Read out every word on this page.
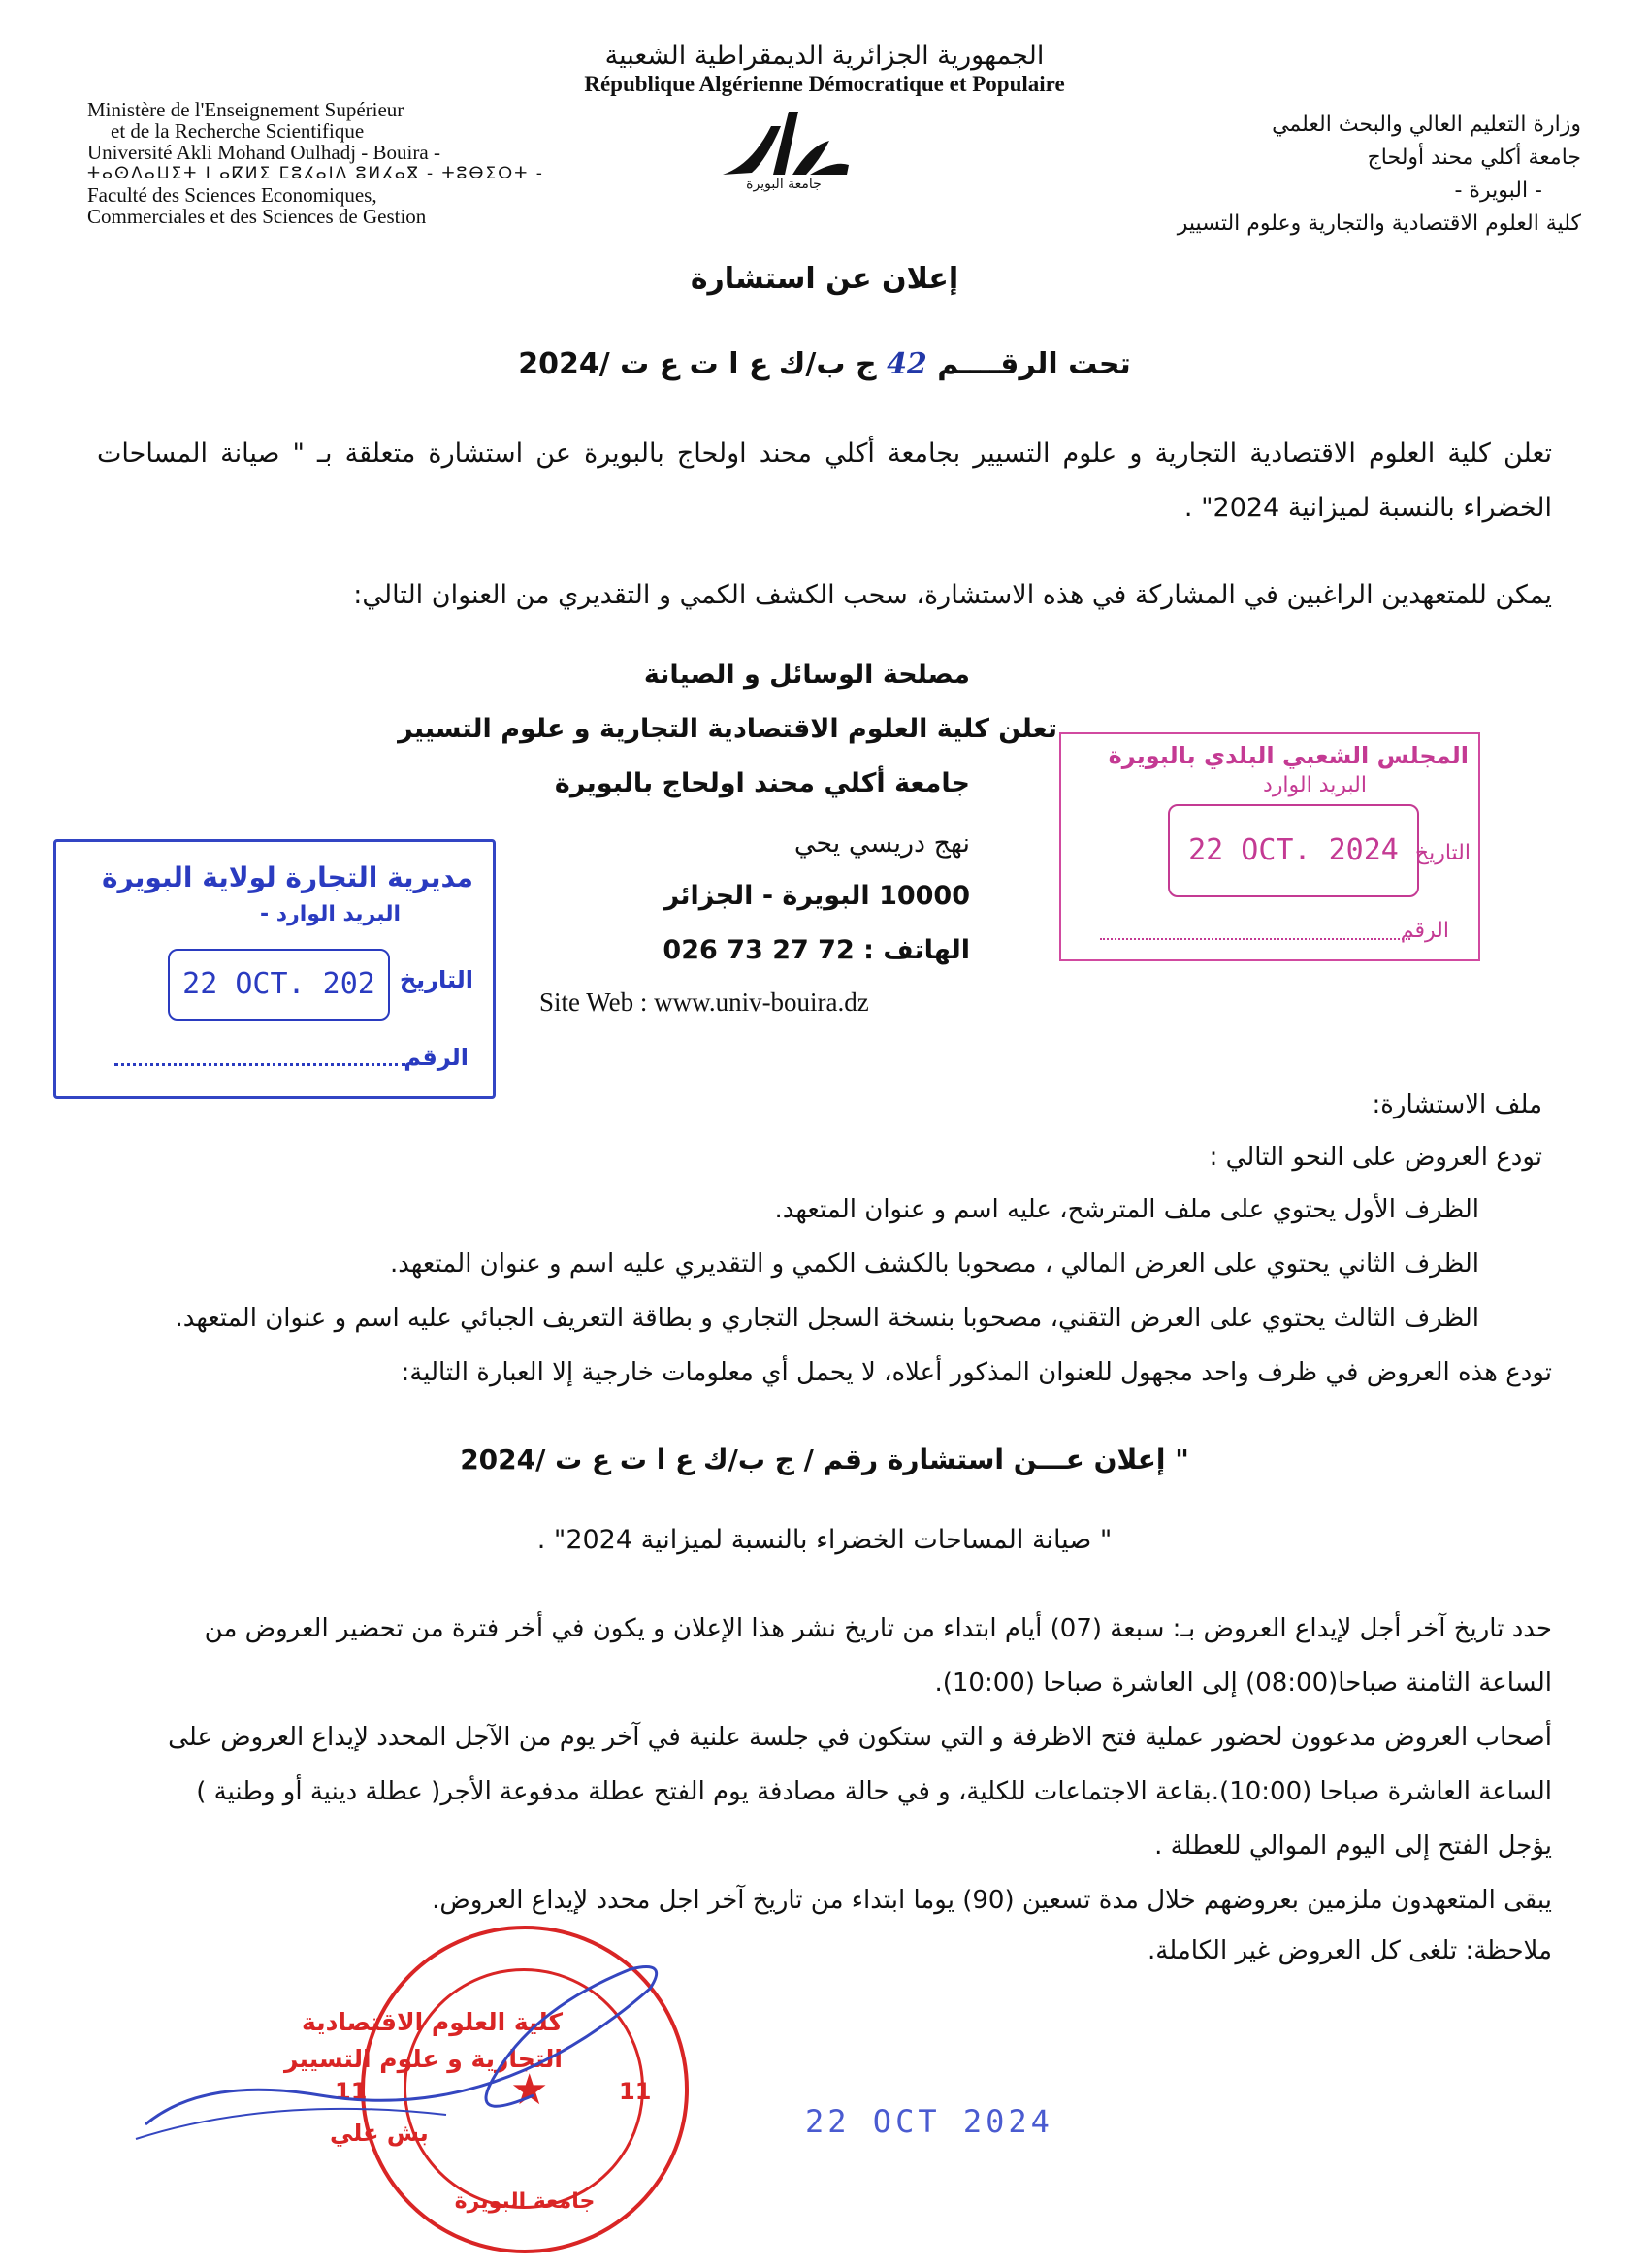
الجمهورية الجزائرية الديمقراطية الشعبية
République Algérienne Démocratique et Populaire
Ministère de l'Enseignement Supérieur
et de la Recherche Scientifique
Université Akli Mohand Oulhadj - Bouira -
ⵜⴰⵙⴷⴰⵡⵉⵜ ⵏ ⴰⴽⵍⵉ ⵎⵓⵃⴰⵏⴷ ⵓⵍⵃⴰⴵ - ⵜⵓⴱⵉⵔⵜ -
Faculté des Sciences Economiques,
Commerciales et des Sciences de Gestion
جامعة البويرة
وزارة التعليم العالي والبحث العلمي
جامعة أكلي محند أولحاج
- البويرة -
كلية العلوم الاقتصادية والتجارية وعلوم التسيير
إعلان عن استشارة
تحت الرقــــم 42 ج ب/ك ع ا ت ع ت /2024
تعلن كلية العلوم الاقتصادية التجارية و علوم التسيير بجامعة أكلي محند اولحاج بالبويرة عن استشارة متعلقة بـ " صيانة المساحات الخضراء بالنسبة لميزانية 2024" .
يمكن للمتعهدين الراغبين في المشاركة في هذه الاستشارة، سحب الكشف الكمي و التقديري من العنوان التالي:
مصلحة الوسائل و الصيانة
تعلن كلية العلوم الاقتصادية التجارية و علوم التسيير
جامعة أكلي محند اولحاج بالبويرة
نهج دريسي يحي
10000 البويرة - الجزائر
الهاتف : 72 27 73 026
Site Web : www.univ-bouira.dz
مديرية التجارة لولاية البويرة
البريد الوارد -
التاريخ
22 OCT. 202
الرقم
المجلس الشعبي البلدي بالبويرة
البريد الوارد
22 OCT. 2024 التاريخ
الرقم
ملف الاستشارة:
تودع العروض على النحو التالي :
الظرف الأول يحتوي على ملف المترشح، عليه اسم و عنوان المتعهد.
الظرف الثاني يحتوي على العرض المالي ، مصحوبا بالكشف الكمي و التقديري عليه اسم و عنوان المتعهد.
الظرف الثالث يحتوي على العرض التقني، مصحوبا بنسخة السجل التجاري و بطاقة التعريف الجبائي عليه اسم و عنوان المتعهد.
تودع هذه العروض في ظرف واحد مجهول للعنوان المذكور أعلاه، لا يحمل أي معلومات خارجية إلا العبارة التالية:
" إعلان عـــن استشارة رقم / ج ب/ك ع ا ت ع ت /2024
" صيانة المساحات الخضراء بالنسبة لميزانية 2024" .
حدد تاريخ آخر أجل لإيداع العروض بـ: سبعة (07) أيام ابتداء من تاريخ نشر هذا الإعلان و يكون في أخر فترة من تحضير العروض من
الساعة الثامنة صباحا(08:00) إلى العاشرة صباحا (10:00).
أصحاب العروض مدعوون لحضور عملية فتح الاظرفة و التي ستكون في جلسة علنية في آخر يوم من الآجل المحدد لإيداع العروض على
الساعة العاشرة صباحا (10:00).بقاعة الاجتماعات للكلية، و في حالة مصادفة يوم الفتح عطلة مدفوعة الأجر( عطلة دينية أو وطنية )
يؤجل الفتح إلى اليوم الموالي للعطلة .
يبقى المتعهدون ملزمين بعروضهم خلال مدة تسعين (90) يوما ابتداء من تاريخ آخر اجل محدد لإيداع العروض.
ملاحظة: تلغى كل العروض غير الكاملة.
جامعة البويرة
★
كلية العلوم الاقتصادية
التجارية و علوم التسيير
11	11
بش علي	22 OCT 2024
